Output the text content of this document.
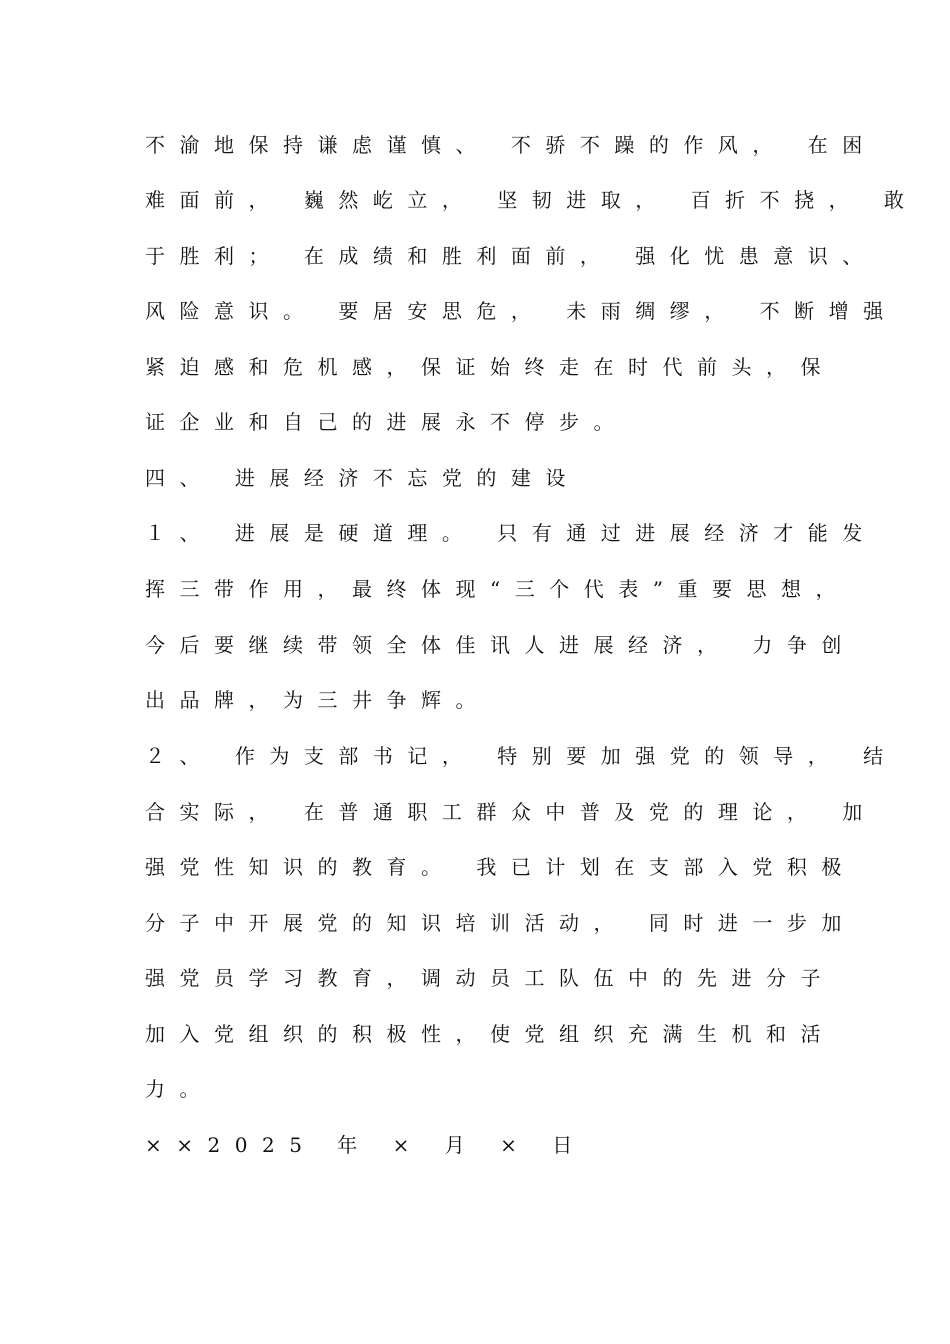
不渝地保持谦虑谨慎、 不骄不躁的作风， 在困
难面前， 巍然屹立， 坚韧进取， 百折不挠， 敢
于胜利； 在成绩和胜利面前， 强化忧患意识、
风险意识。 要居安思危， 未雨绸缪， 不断增强
紧迫感和危机感，保证始终走在时代前头，保
证企业和自己的进展永不停步。
四、 进展经济不忘党的建设
１、 进展是硬道理。 只有通过进展经济才能发
挥三带作用，最终体现“三个代表”重要思想，
今后要继续带领全体佳讯人进展经济， 力争创
出品牌，为三井争辉。
２、 作为支部书记， 特别要加强党的领导， 结
合实际， 在普通职工群众中普及党的理论， 加
强党性知识的教育。 我已计划在支部入党积极
分子中开展党的知识培训活动， 同时进一步加
强党员学习教育，调动员工队伍中的先进分子
加入党组织的积极性，使党组织充满生机和活
力。
××2025 年 × 月 × 日
